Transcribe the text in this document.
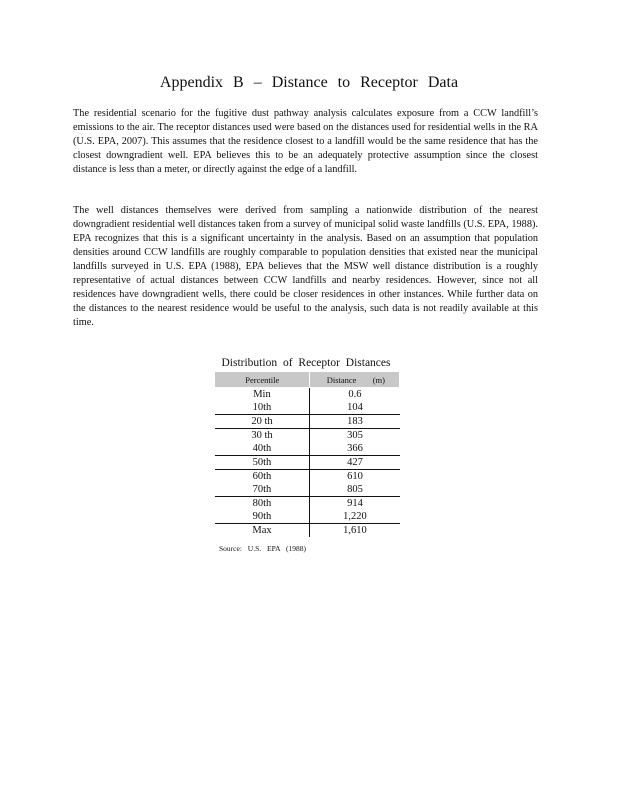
Appendix B – Distance to Receptor Data

The residential scenario for the fugitive dust pathway analysis calculates exposure from a CCW landfill’s emissions to the air. The receptor distances used were based on the distances used for residential wells in the RA (U.S. EPA, 2007). This assumes that the residence closest to a landfill would be the same residence that has the closest downgradient well. EPA believes this to be an adequately protective assumption since the closest distance is less than a meter, or directly against the edge of a landfill.

The well distances themselves were derived from sampling a nationwide distribution of the nearest downgradient residential well distances taken from a survey of municipal solid waste landfills (U.S. EPA, 1988). EPA recognizes that this is a significant uncertainty in the analysis. Based on an assumption that population densities around CCW landfills are roughly comparable to population densities that existed near the municipal landfills surveyed in U.S. EPA (1988), EPA believes that the MSW well distance distribution is a roughly representative of actual distances between CCW landfills and nearby residences. However, since not all residences have downgradient wells, there could be closer residences in other instances. While further data on the distances to the nearest residence would be useful to the analysis, such data is not readily available at this time.

Distribution of Receptor Distances
Percentile	Distance (m)

Min	0.6
10th	104
20 th	183
30 th	305
40th	366
50th	427
60th	610
70th	805
80th	914
90th	1,220
Max	1,610
Source: U.S. EPA (1988)
